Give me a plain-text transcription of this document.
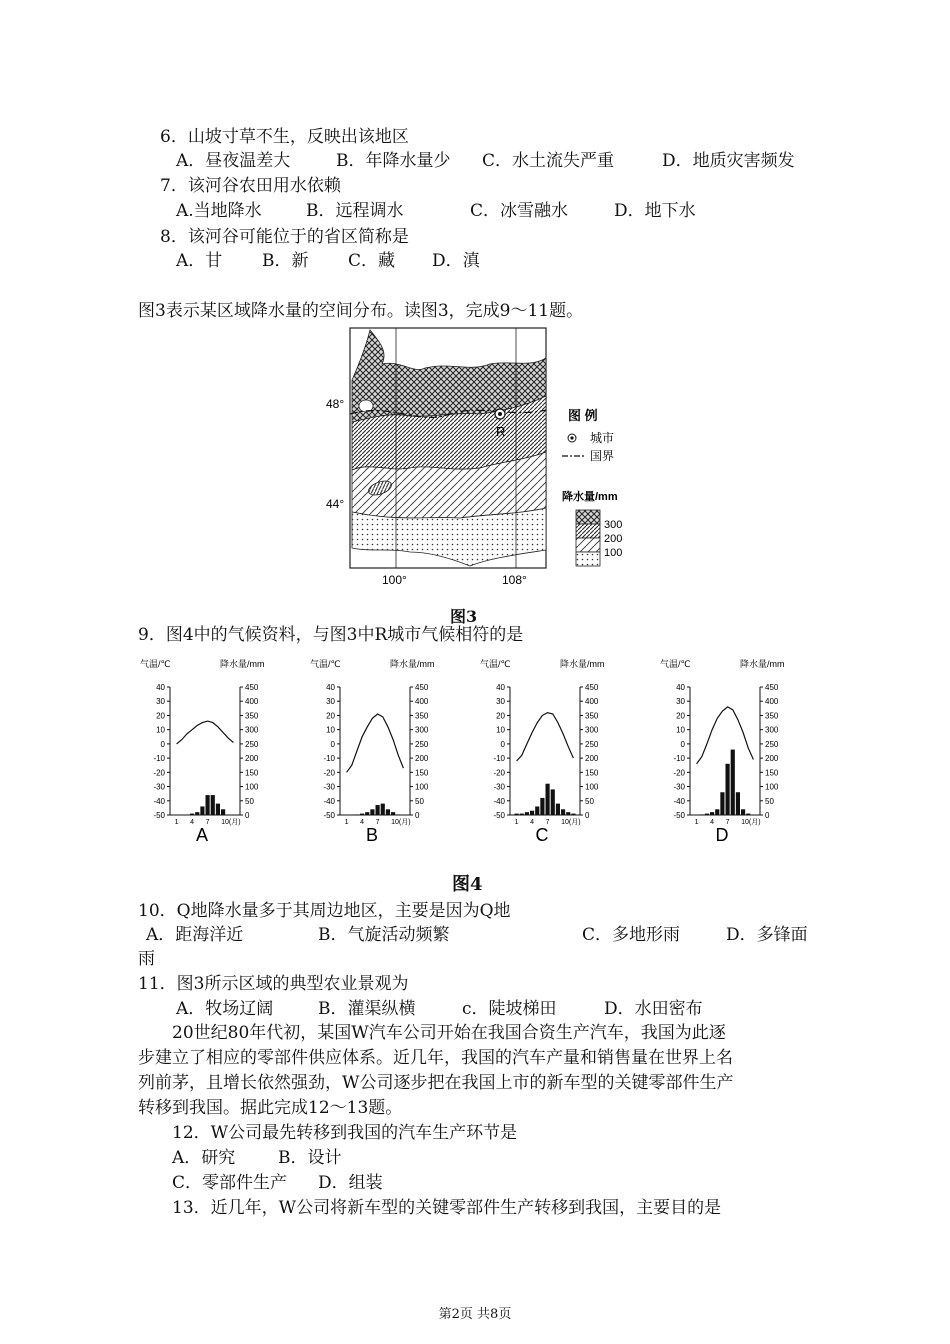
6．山坡寸草不生，反映出该地区
A．昼夜温差大	B．年降水量少 C．水土流失严重	D．地质灾害频发
7．该河谷农田用水依赖
A.当地降水	B．远程调水	C．冰雪融水	D．地下水
8．该河谷可能位于的省区简称是
A．甘 B．新 C．藏 D．滇
图3表示某区域降水量的空间分布。读图3，完成9～11题。
R
48°
44°
100°	108°
图 例
城市
国界
降水量/mm
300
200
100
图3
9．图4中的气候资料，与图3中R城市气候相符的是
气温/℃	降水量/mm
40
30
20
10
0
-10
-20
-30
-40
-50
450
400
350
300
250
200
150
100
50
0
1 4 7 10(月)
A
气温/℃	降水量/mm
40
30
20
10
0
-10
-20
-30
-40
-50
450
400
350
300
250
200
150
100
50
0
1 4 7 10(月)
B
气温/℃	降水量/mm
40
30
20
10
0
-10
-20
-30
-40
-50
450
400
350
300
250
200
150
100
50
0
1 4 7 10(月)
C
气温/℃	降水量/mm
40
30
20
10
0
-10
-20
-30
-40
-50
450
400
350
300
250
200
150
100
50
0
1 4 7 10(月)
D
图4
10．Q地降水量多于其周边地区，主要是因为Q地
A．距海洋近	B．气旋活动频繁	C．多地形雨	D．多锋面
雨
11．图3所示区域的典型农业景观为
A．牧场辽阔	B．灌渠纵横	c．陡坡梯田	D．水田密布
20世纪80年代初，某国W汽车公司开始在我国合资生产汽车，我国为此逐
步建立了相应的零部件供应体系。近几年，我国的汽车产量和销售量在世界上名
列前茅，且增长依然强劲，W公司逐步把在我国上市的新车型的关键零部件生产
转移到我国。据此完成12～13题。
12．W公司最先转移到我国的汽车生产环节是
A．研究	B．设计
C．零部件生产 D．组装
13．近几年，W公司将新车型的关键零部件生产转移到我国，主要目的是
第2页 共8页
